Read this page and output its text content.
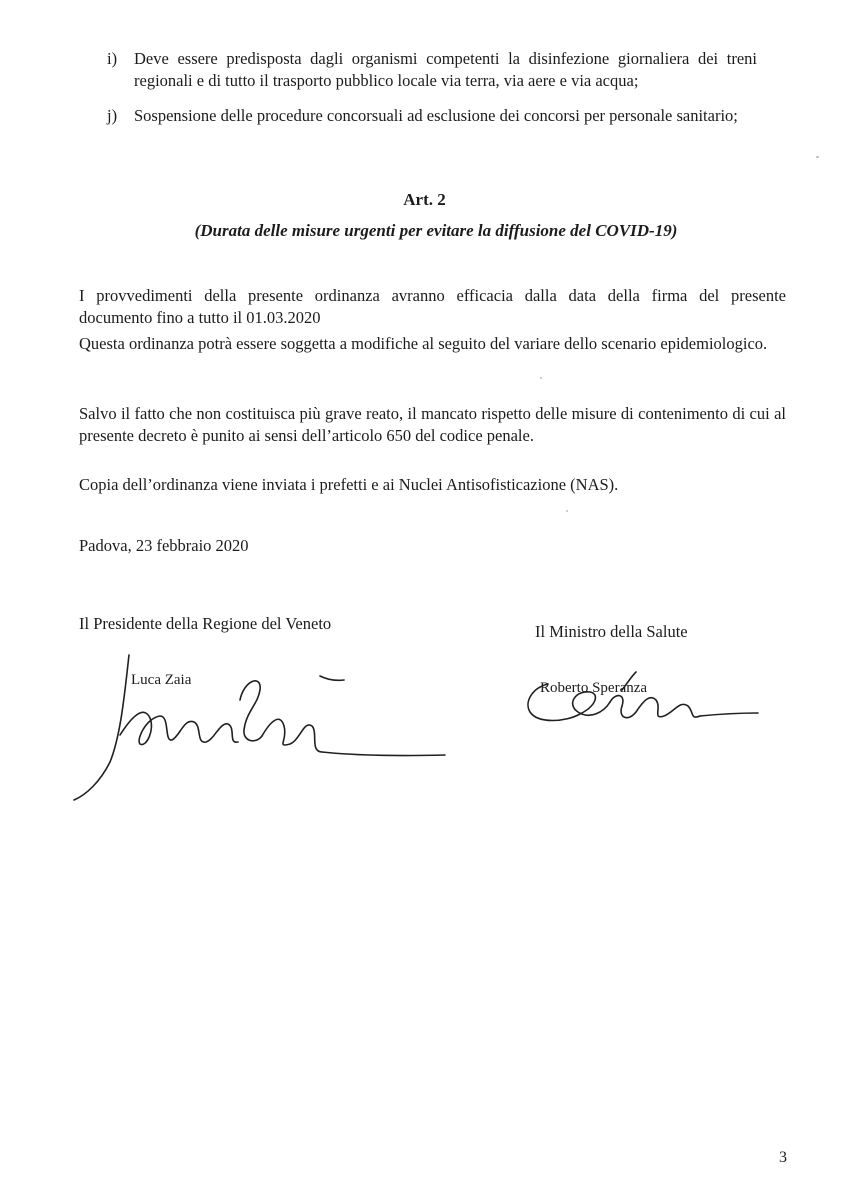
i)	Deve essere predisposta dagli organismi competenti la disinfezione giornaliera dei treni regionali e di tutto il trasporto pubblico locale via terra, via aere e via acqua;
j)	Sospensione delle procedure concorsuali ad esclusione dei concorsi per personale sanitario;
Art. 2
(Durata delle misure urgenti per evitare la diffusione del COVID-19)
I provvedimenti della presente ordinanza avranno efficacia dalla data della firma del presente
documento fino a tutto il 01.03.2020
Questa ordinanza potrà essere soggetta a modifiche al seguito del variare dello scenario epidemiologico.
Salvo il fatto che non costituisca più grave reato, il mancato rispetto delle misure di contenimento di cui al presente decreto è punito ai sensi dell’articolo 650 del codice penale.
Copia dell’ordinanza viene inviata i prefetti e ai Nuclei Antisofisticazione (NAS).
Padova, 23 febbraio 2020
Il Presidente della Regione del Veneto	Il Ministro della Salute
Luca Zaia	Roberto Speranza
3
